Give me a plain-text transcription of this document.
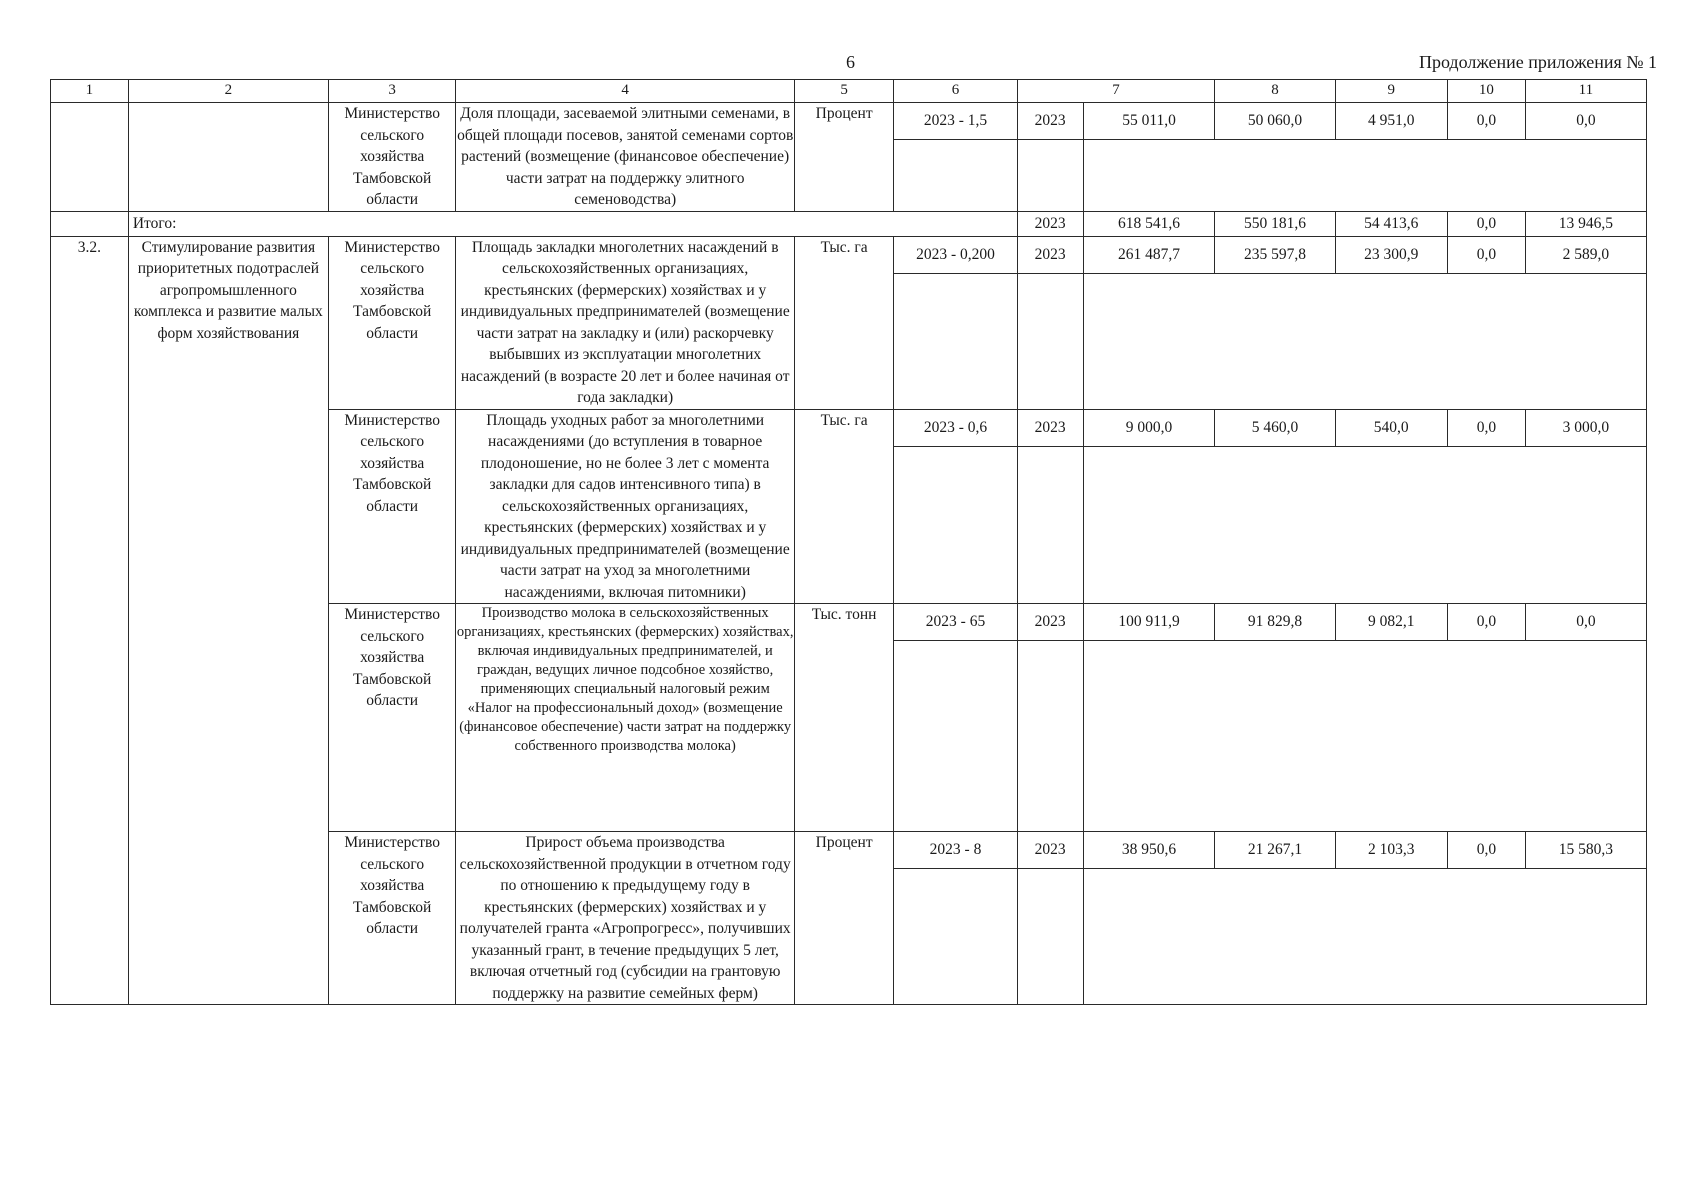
6	Продолжение приложения № 1
1	2	3	4	5	6	7		8	9	10	11
		Министерство сельского хозяйства Тамбовской области	Доля площади, засеваемой элитными семенами, в общей площади посевов, занятой семенами сортов растений (возмещение (финансовое обеспечение) части затрат на поддержку элитного семеноводства)	Процент	2023 - 1,5	2023	55 011,0	50 060,0	4 951,0	0,0	0,0

	Итого:					2023	618 541,6	550 181,6	54 413,6	0,0	13 946,5
3.2.	Стимулирование развития приоритетных подотраслей агропромышленного комплекса и развитие малых форм хозяйствования	Министерство сельского хозяйства Тамбовской области	Площадь закладки многолетних насаждений в сельскохозяйственных организациях, крестьянских (фермерских) хозяйствах и у индивидуальных предпринимателей (возмещение части затрат на закладку и (или) раскорчевку выбывших из эксплуатации многолетних насаждений (в возрасте 20 лет и более начиная от года закладки)	Тыс. га	2023 - 0,200	2023	261 487,7	235 597,8	23 300,9	0,0	2 589,0

		Министерство сельского хозяйства Тамбовской области	Площадь уходных работ за многолетними насаждениями (до вступления в товарное плодоношение, но не более 3 лет с момента закладки для садов интенсивного типа) в сельскохозяйственных организациях, крестьянских (фермерских) хозяйствах и у индивидуальных предпринимателей (возмещение части затрат на уход за многолетними насаждениями, включая питомники)	Тыс. га	2023 - 0,6	2023	9 000,0	5 460,0	540,0	0,0	3 000,0

		Министерство сельского хозяйства Тамбовской области	Производство молока в сельскохозяйственных организациях, крестьянских (фермерских) хозяйствах, включая индивидуальных предпринимателей, и граждан, ведущих личное подсобное хозяйство, применяющих специальный налоговый режим «Налог на профессиональный доход» (возмещение (финансовое обеспечение) части затрат на поддержку собственного производства молока)	Тыс. тонн	2023 - 65	2023	100 911,9	91 829,8	9 082,1	0,0	0,0

		Министерство сельского хозяйства Тамбовской области	Прирост объема производства сельскохозяйственной продукции в отчетном году по отношению к предыдущему году в крестьянских (фермерских) хозяйствах и у получателей гранта «Агропрогресс», получивших указанный грант, в течение предыдущих 5 лет, включая отчетный год (субсидии на грантовую поддержку на развитие семейных ферм)	Процент	2023 - 8	2023	38 950,6	21 267,1	2 103,3	0,0	15 580,3
